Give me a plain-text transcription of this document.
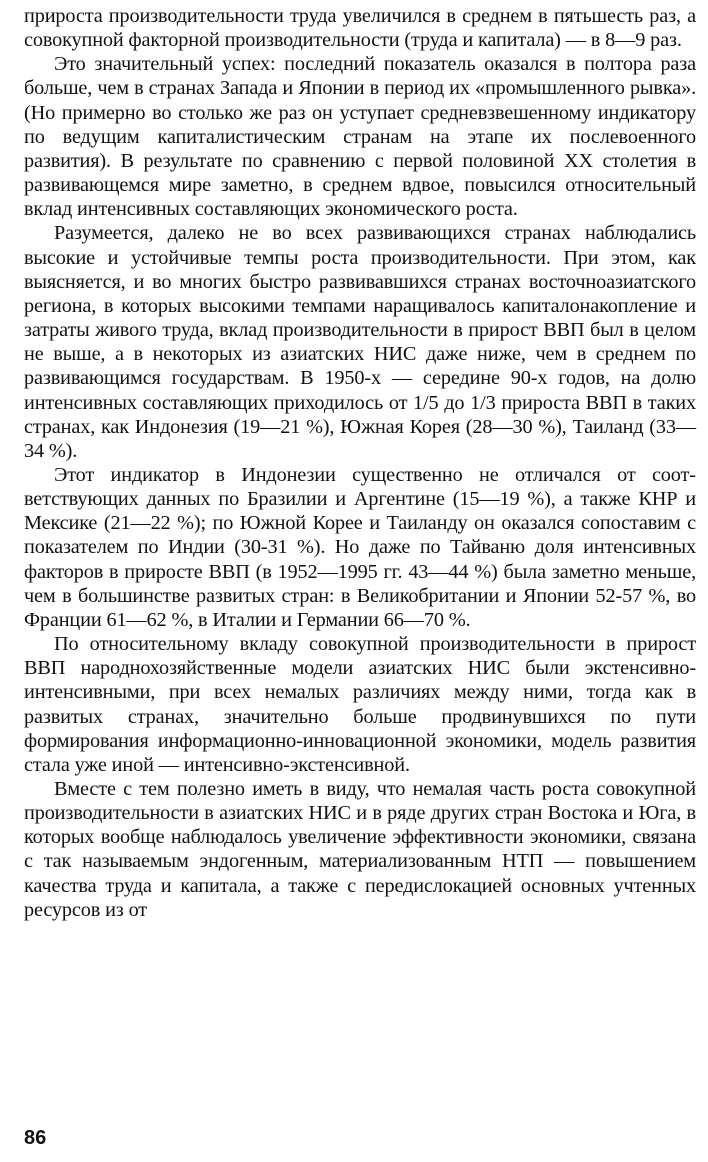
прироста производительности труда увеличился в среднем в пятьшесть раз, а совокупной факторной производительности (труда и капитала) — в 8—9 раз.

Это значительный успех: последний показатель оказался в полтора раза больше, чем в странах Запада и Японии в период их «промышленного рывка». (Но примерно во столько же раз он уступает средневзвешенному индикатору по ведущим капиталистическим странам на этапе их послевоенного развития). В результате по сравнению с первой половиной XX столетия в развивающемся мире заметно, в среднем вдвое, повысился относительный вклад интенсивных составляющих экономического роста.

Разумеется, далеко не во всех развивающихся странах наблюдались высокие и устойчивые темпы роста производительности. При этом, как выясняется, и во многих быстро развивавшихся странах восточноазиатского региона, в которых высокими темпами наращивалось капиталонакопление и затраты живого труда, вклад производительности в прирост ВВП был в целом не выше, а в некоторых из азиатских НИС даже ниже, чем в среднем по развивающимся государствам. В 1950-х — середине 90-х годов, на долю интенсивных составляющих приходилось от 1/5 до 1/3 прироста ВВП в таких странах, как Индонезия (19—21 %), Южная Корея (28—30 %), Таиланд (33—34 %).

Этот индикатор в Индонезии существенно не отличался от соответствующих данных по Бразилии и Аргентине (15—19 %), а также КНР и Мексике (21—22 %); по Южной Корее и Таиланду он оказался сопоставим с показателем по Индии (30-31 %). Но даже по Тайваню доля интенсивных факторов в приросте ВВП (в 1952—1995 гг. 43—44 %) была заметно меньше, чем в большинстве развитых стран: в Великобритании и Японии 52-57 %, во Франции 61—62 %, в Италии и Германии 66—70 %.

По относительному вкладу совокупной производительности в прирост ВВП народнохозяйственные модели азиатских НИС были экстенсивно-интенсивными, при всех немалых различиях между ними, тогда как в развитых странах, значительно больше продвинувшихся по пути формирования информационно-инновационной экономики, модель развития стала уже иной — интенсивно-экстенсивной.

Вместе с тем полезно иметь в виду, что немалая часть роста совокупной производительности в азиатских НИС и в ряде других стран Востока и Юга, в которых вообще наблюдалось увеличение эффективности экономики, связана с так называемым эндогенным, материализованным НТП — повышением качества труда и капитала, а также с передислокацией основных учтенных ресурсов из от

86
